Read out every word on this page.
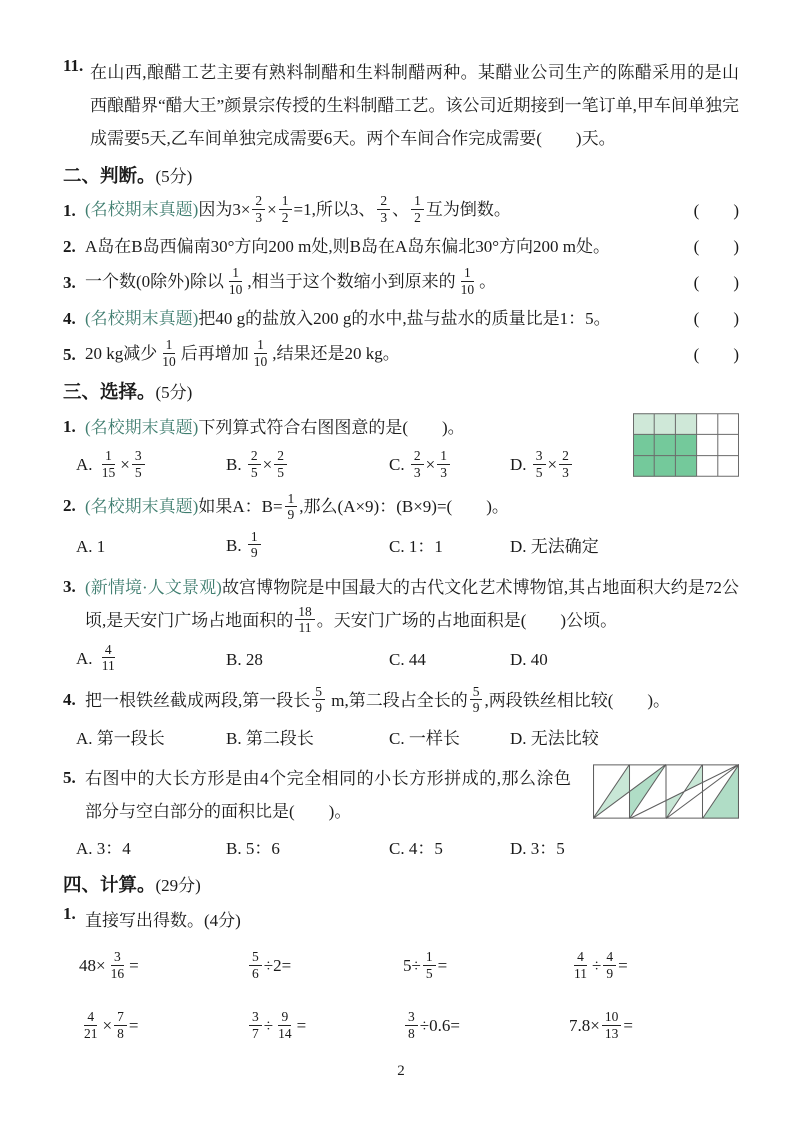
11. 在山西,酿醋工艺主要有熟料制醋和生料制醋两种。某醋业公司生产的陈醋采用的是山西酿醋界“醋大王”颜景宗传授的生料制醋工艺。该公司近期接到一笔订单,甲车间单独完成需要5天,乙车间单独完成需要6天。两个车间合作完成需要(　　)天。
二、判断。(5分)
1. (名校期末真题)因为$3\times \frac{2}{3} \times \frac{1}{2} =1$,所以3、 $\frac{2}{3}$ 、 $\frac{1}{2}$ 互为倒数。	(　　)
2. A岛在B岛西偏南30°方向200 m处,则B岛在A岛东偏北30°方向200 m处。	(　　)
3. 一个数(0除外)除以 $\frac{1}{10}$ ,相当于这个数缩小到原来的 $\frac{1}{10}$ 。	(　　)
4. (名校期末真题)把40 g的盐放入200 g的水中,盐与盐水的质量比是1：5。	(　　)
5. 20 kg减少 $\frac{1}{10}$ 后再增加 $\frac{1}{10}$ ,结果还是20 kg。	(　　)
三、选择。(5分)
1. (名校期末真题)下列算式符合右图图意的是(　　)。
A. $\frac{1}{15} \times \frac{3}{5}$	B. $\frac{2}{5} \times \frac{2}{5}$	C. $\frac{2}{3} \times \frac{1}{3}$	D. $\frac{3}{5} \times \frac{2}{3}$
2. (名校期末真题)如果A：$B= \frac{1}{9}$ ,那么(A×9)：(B×9)=(　　)。
A. 1	B. $\frac{1}{9}$	C. 1：1	D. 无法确定
3. (新情境·人文景观)故宫博物院是中国最大的古代文化艺术博物馆,其占地面积大约是72公顷,是天安门广场占地面积的 $\frac{18}{11}$ 。天安门广场的占地面积是(　　)公顷。
A. $\frac{4}{11}$	B. 28	C. 44	D. 40
4. 把一根铁丝截成两段,第一段长 $\frac{5}{9} m$,第二段占全长的 $\frac{5}{9}$ ,两段铁丝相比较(　　)。
A. 第一段长	B. 第二段长	C. 一样长	D. 无法比较
5. 右图中的大长方形是由4个完全相同的小长方形拼成的,那么涂色部分与空白部分的面积比是(　　)。
A. 3：4	B. 5：6	C. 4：5	D. 3：5
四、计算。(29分)
1. 直接写出得数。(4分)
$48\times \frac{3}{16}$ =	$\frac{5}{6} \div 2=$	$5\div \frac{1}{5}$ =	$\frac{4}{11} \div \frac{4}{9}$ =
$\frac{4}{21} \times \frac{7}{8}$ =	$\frac{3}{7} \div \frac{9}{14}$ =	$\frac{3}{8} \div 0.6=$	$7.8\times \frac{10}{13}$ =
2
